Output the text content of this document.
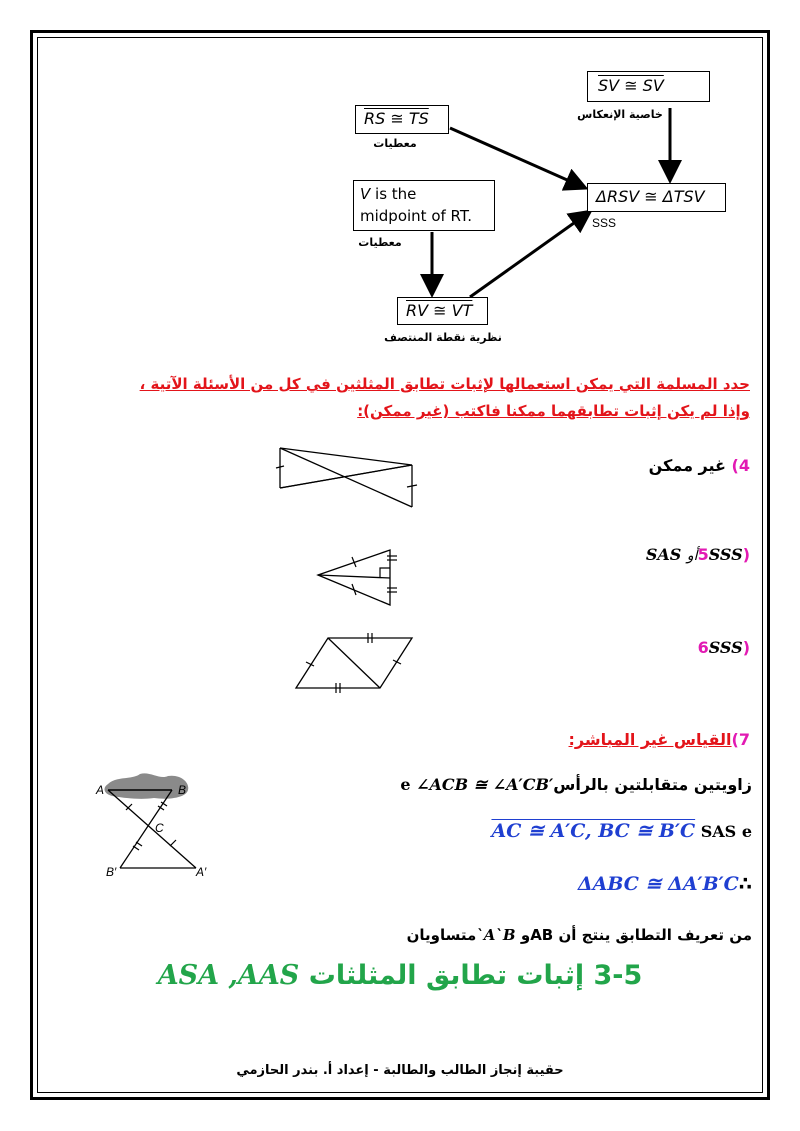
SV ≅ SV
خاصية الإنعكاس
RS ≅ TS
معطيات
ΔRSV ≅ ΔTSV
SSS
V is the
midpoint of RT.
معطيات
RV ≅ VT
نظرية نقطة المنتصف
حدد المسلمة التي يمكن استعمالها لإثبات تطابق المثلثين في كل من الأسئلة الآتية ،
وإذا لم يكن إثبات تطابقهما ممكنا فاكتب (غير ممكن):
4) غير ممكن
(5SSSأو SAS
(6SSS
7)القياس غير المباشر:
A	B
C
B′	A′
زاويتين متقابلتين بالرأس∠ACB ≅ ∠A′CB′ e
AC ≅ A′C, BC ≅ B′C SAS e
ΔABC ≅ ΔA′B′C∴
من تعريف التطابق ينتج أن ABو A`B`متساويان
3-5 إثبات تطابق المثلثات ASA ,AAS
حقيبة إنجاز الطالب والطالبة - إعداد أ. بندر الحازمي
